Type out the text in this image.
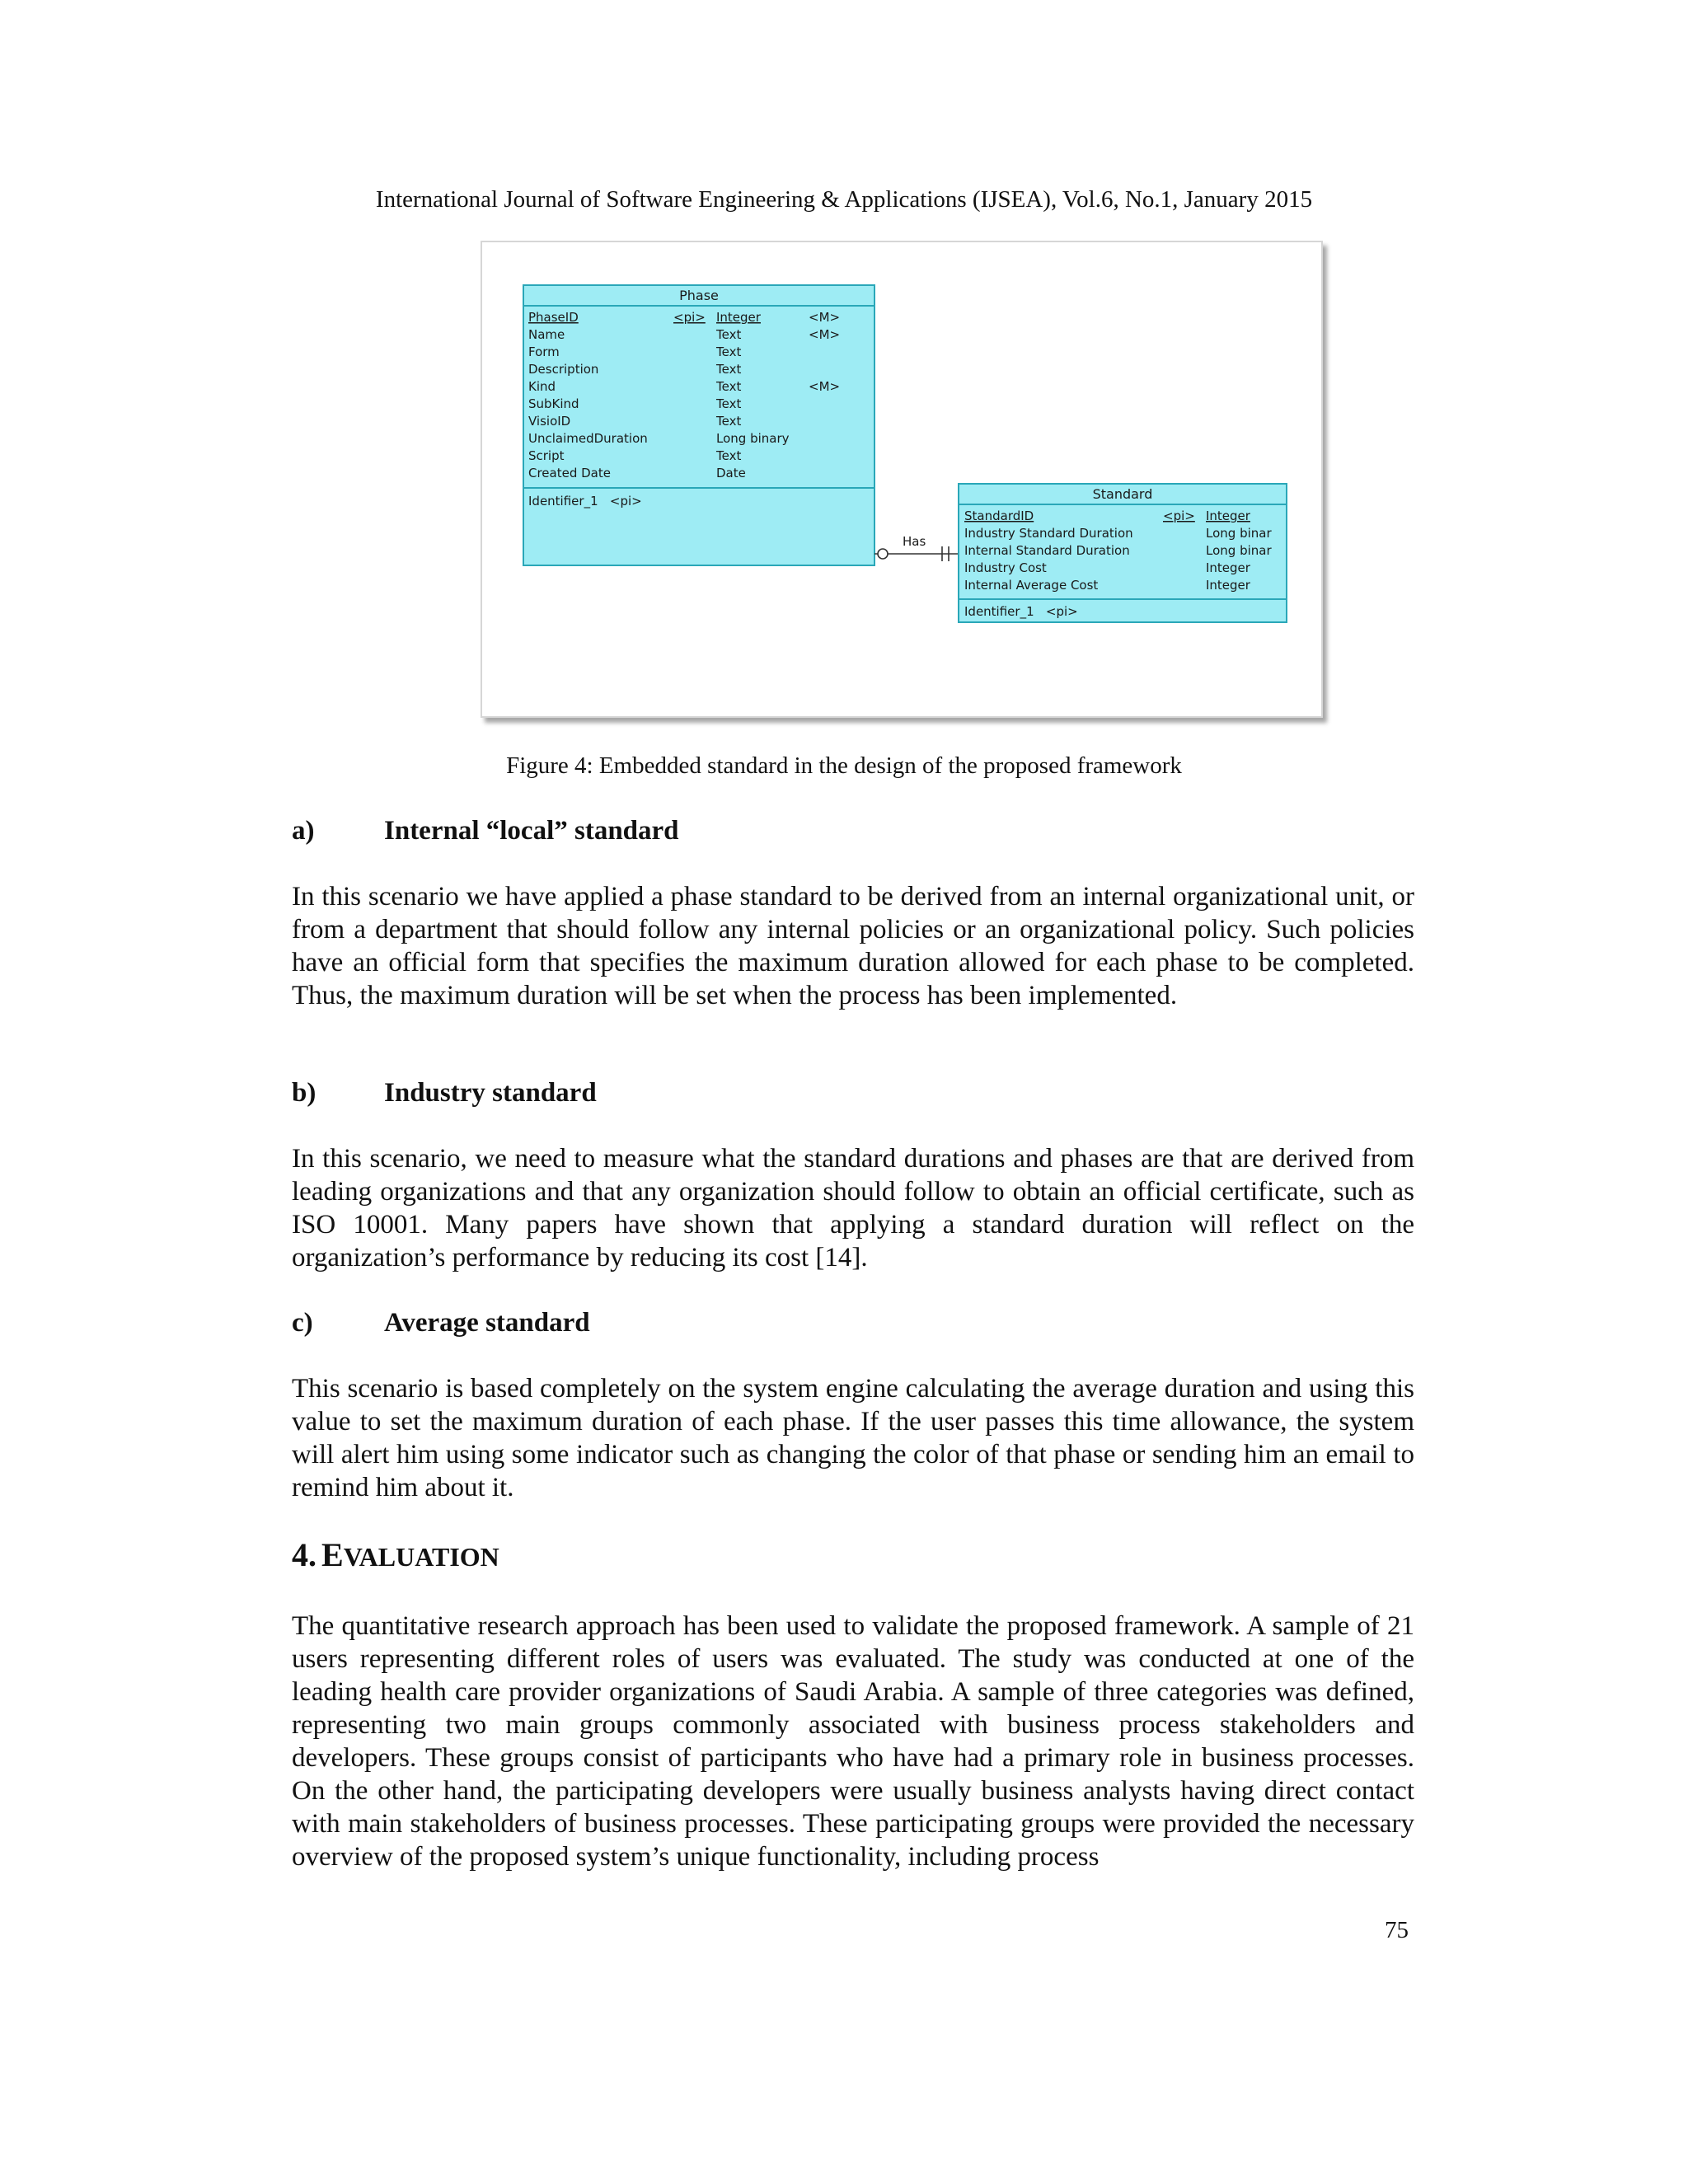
International Journal of Software Engineering & Applications (IJSEA), Vol.6, No.1, January 2015
Phase
PhaseID	<pi> Integer	<M>
Name	Text	<M>
Form	Text
Description	Text
Kind	Text	<M>
SubKind	Text
VisioID	Text
UnclaimedDuration	Long binary
Script	Text
Created Date	Date
Identifier_1   <pi>
Has
Standard
StandardID	<pi> Integer
Industry Standard Duration	Long binar
Internal Standard Duration	Long binar
Industry Cost	Integer
Internal Average Cost	Integer
Identifier_1   <pi>
Figure 4: Embedded standard in the design of the proposed framework
a)	Internal “local” standard

In this scenario we have applied a phase standard to be derived from an internal organizational unit, or from a department that should follow any internal policies or an organizational policy. Such policies have an official form that specifies the maximum duration allowed for each phase to be completed. Thus, the maximum duration will be set when the process has been implemented.

b)	Industry standard

In this scenario, we need to measure what the standard durations and phases are that are derived from leading organizations and that any organization should follow to obtain an official certificate, such as ISO 10001. Many papers have shown that applying a standard duration will reflect on the organization’s performance by reducing its cost [14].

c)	Average standard

This scenario is based completely on the system engine calculating the average duration and using this value to set the maximum duration of each phase. If the user passes this time allowance, the system will alert him using some indicator such as changing the color of that phase or sending him an email to remind him about it.

4. EVALUATION

The quantitative research approach has been used to validate the proposed framework. A sample of 21 users representing different roles of users was evaluated. The study was conducted at one of the leading health care provider organizations of Saudi Arabia. A sample of three categories was defined, representing two main groups commonly associated with business process stakeholders and developers. These groups consist of participants who have had a primary role in business processes. On the other hand, the participating developers were usually business analysts having direct contact with main stakeholders of business processes. These participating groups were provided the necessary overview of the proposed system’s unique functionality, including process

75
